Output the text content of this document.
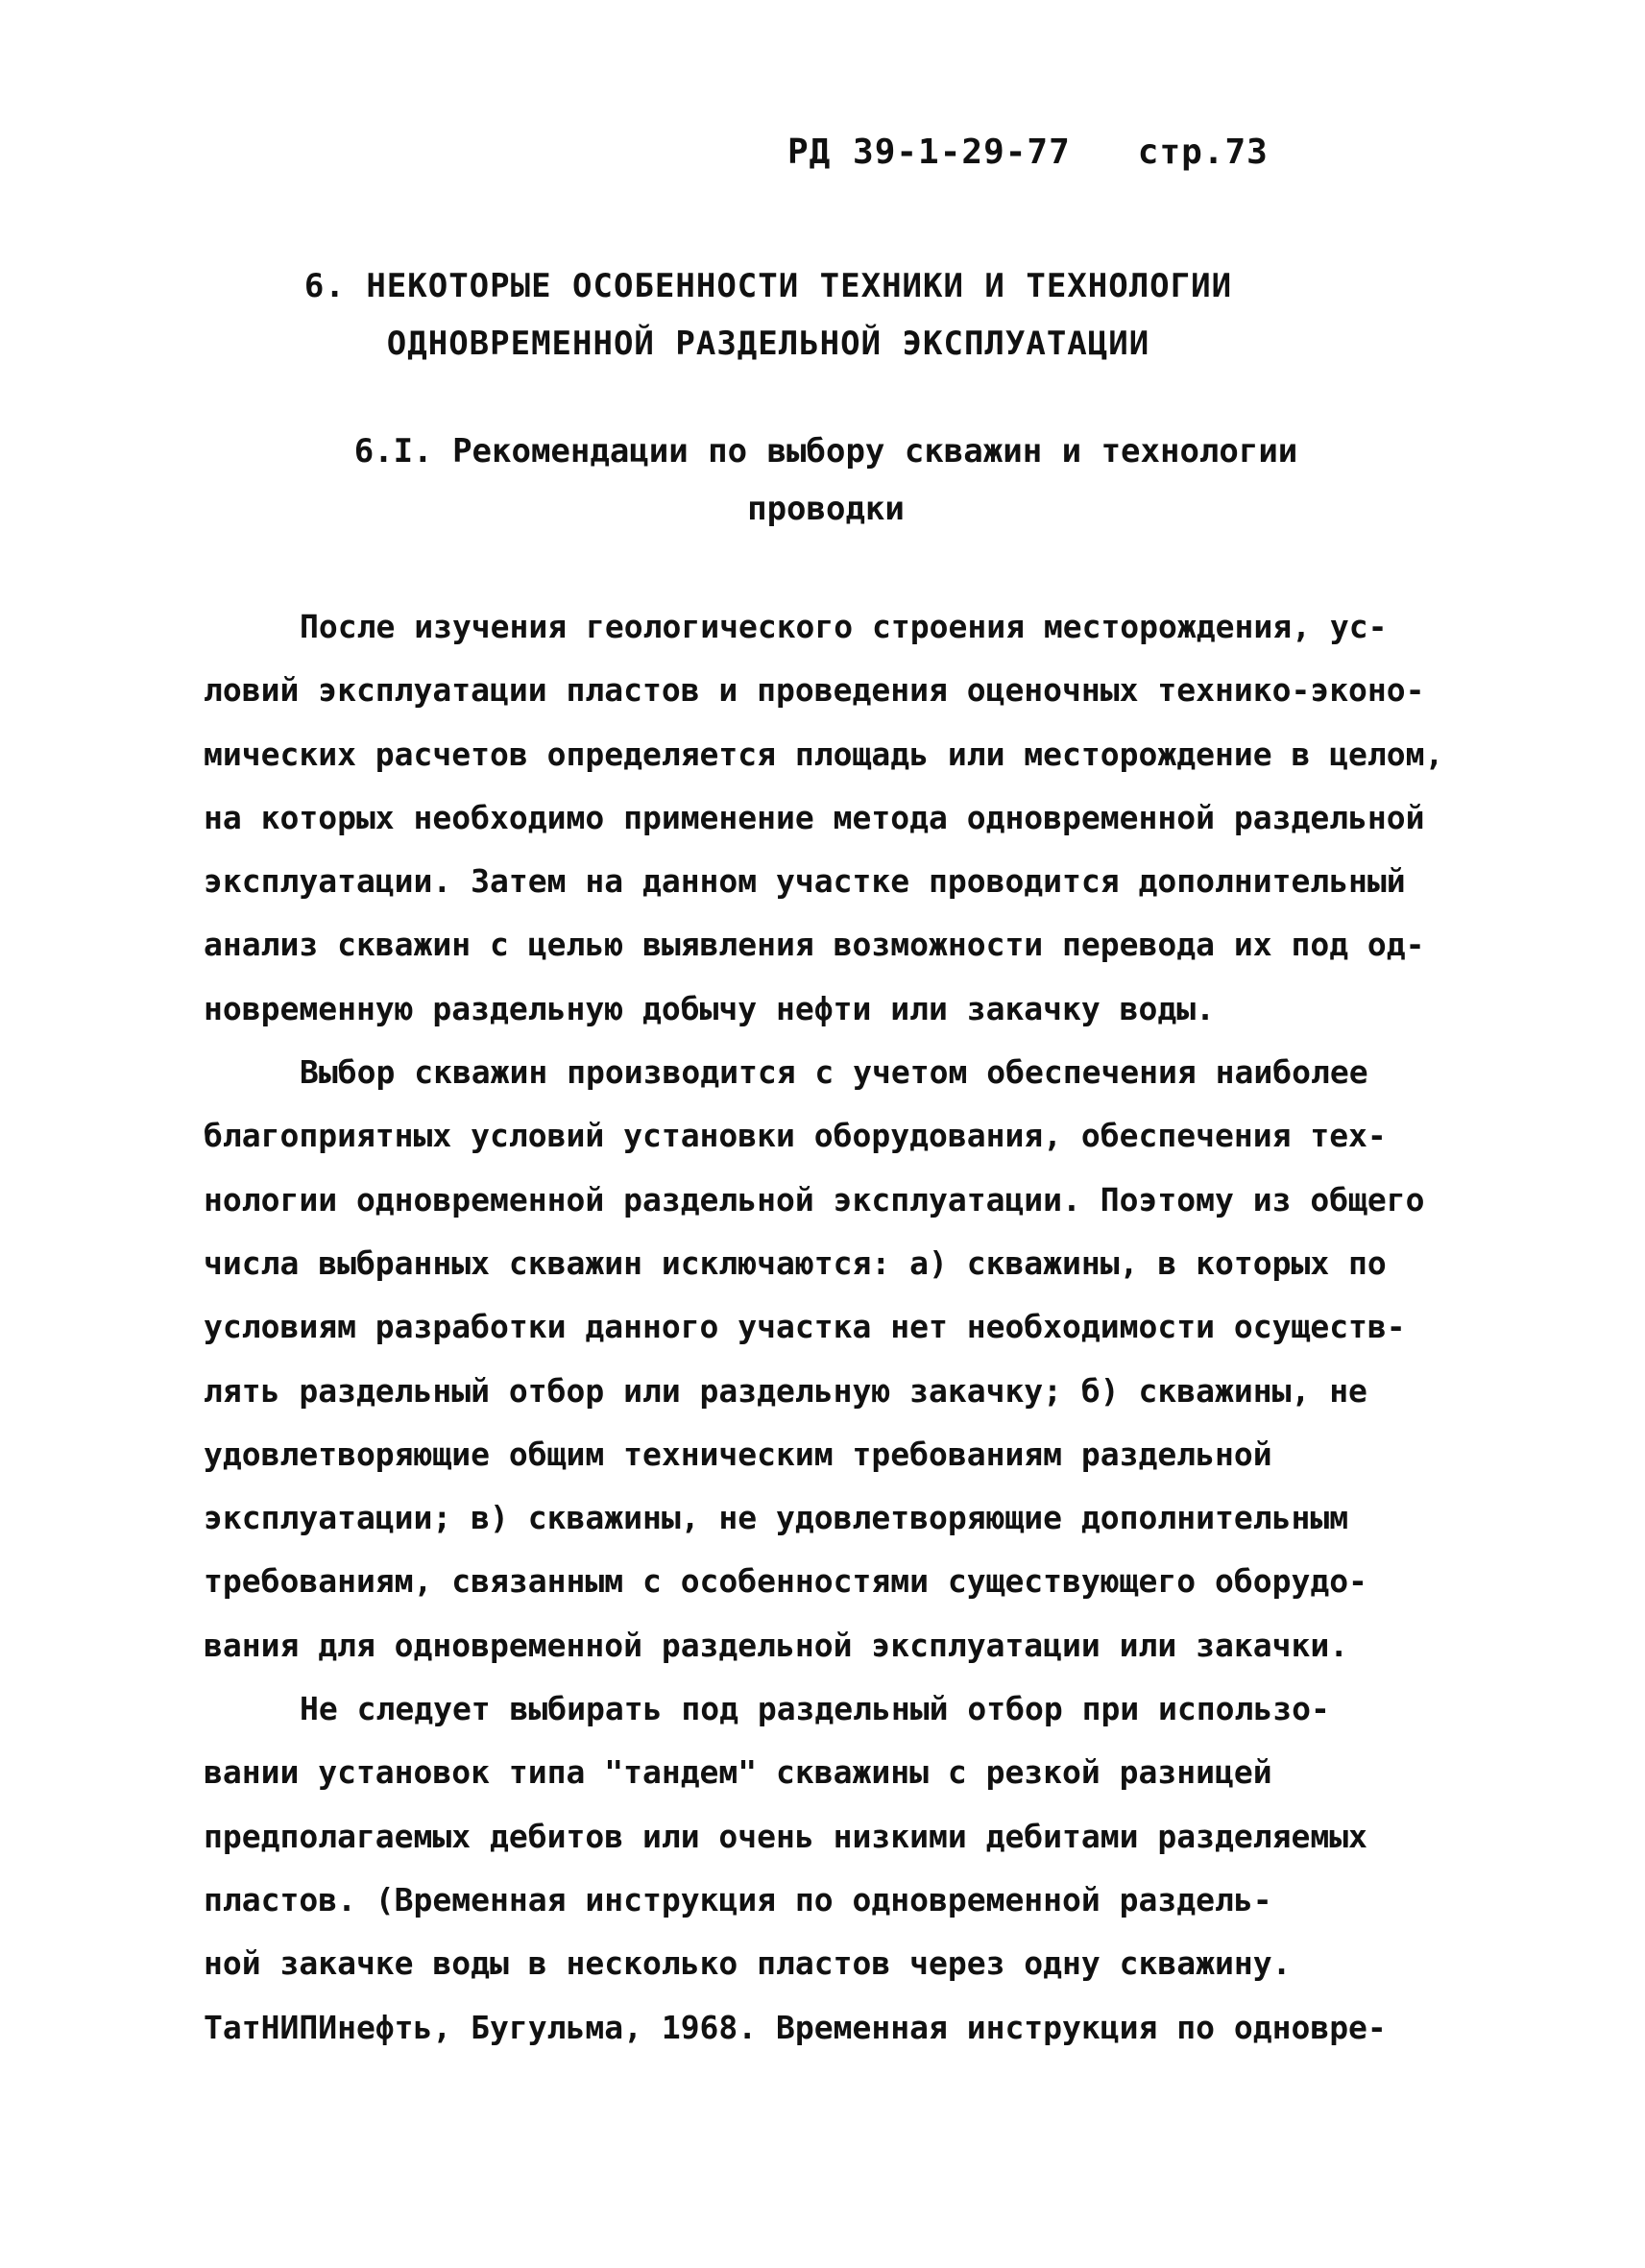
РД 39-1-29-77 стр.73
6. НЕКОТОРЫЕ ОСОБЕННОСТИ ТЕХНИКИ И ТЕХНОЛОГИИ
ОДНОВРЕМЕННОЙ РАЗДЕЛЬНОЙ ЭКСПЛУАТАЦИИ
6.I. Рекомендации по выбору скважин и технологии
проводки
После изучения геологического строения месторождения, ус-
ловий эксплуатации пластов и проведения оценочных технико-эконо-
мических расчетов определяется площадь или месторождение в целом,
на которых необходимо применение метода одновременной раздельной
эксплуатации. Затем на данном участке проводится дополнительный
анализ скважин с целью выявления возможности перевода их под од-
новременную раздельную добычу нефти или закачку воды.
Выбор скважин производится с учетом обеспечения наиболее
благоприятных условий установки оборудования, обеспечения тех-
нологии одновременной раздельной эксплуатации. Поэтому из общего
числа выбранных скважин исключаются: а) скважины, в которых по
условиям разработки данного участка нет необходимости осуществ-
лять раздельный отбор или раздельную закачку; б) скважины, не
удовлетворяющие общим техническим требованиям раздельной
эксплуатации; в) скважины, не удовлетворяющие дополнительным
требованиям, связанным с особенностями существующего оборудо-
вания для одновременной раздельной эксплуатации или закачки.
Не следует выбирать под раздельный отбор при использо-
вании установок типа "тандем" скважины с резкой разницей
предполагаемых дебитов или очень низкими дебитами разделяемых
пластов. (Временная инструкция по одновременной раздель-
ной закачке воды в несколько пластов через одну скважину.
ТатНИПИнефть, Бугульма, 1968. Временная инструкция по одновре-
